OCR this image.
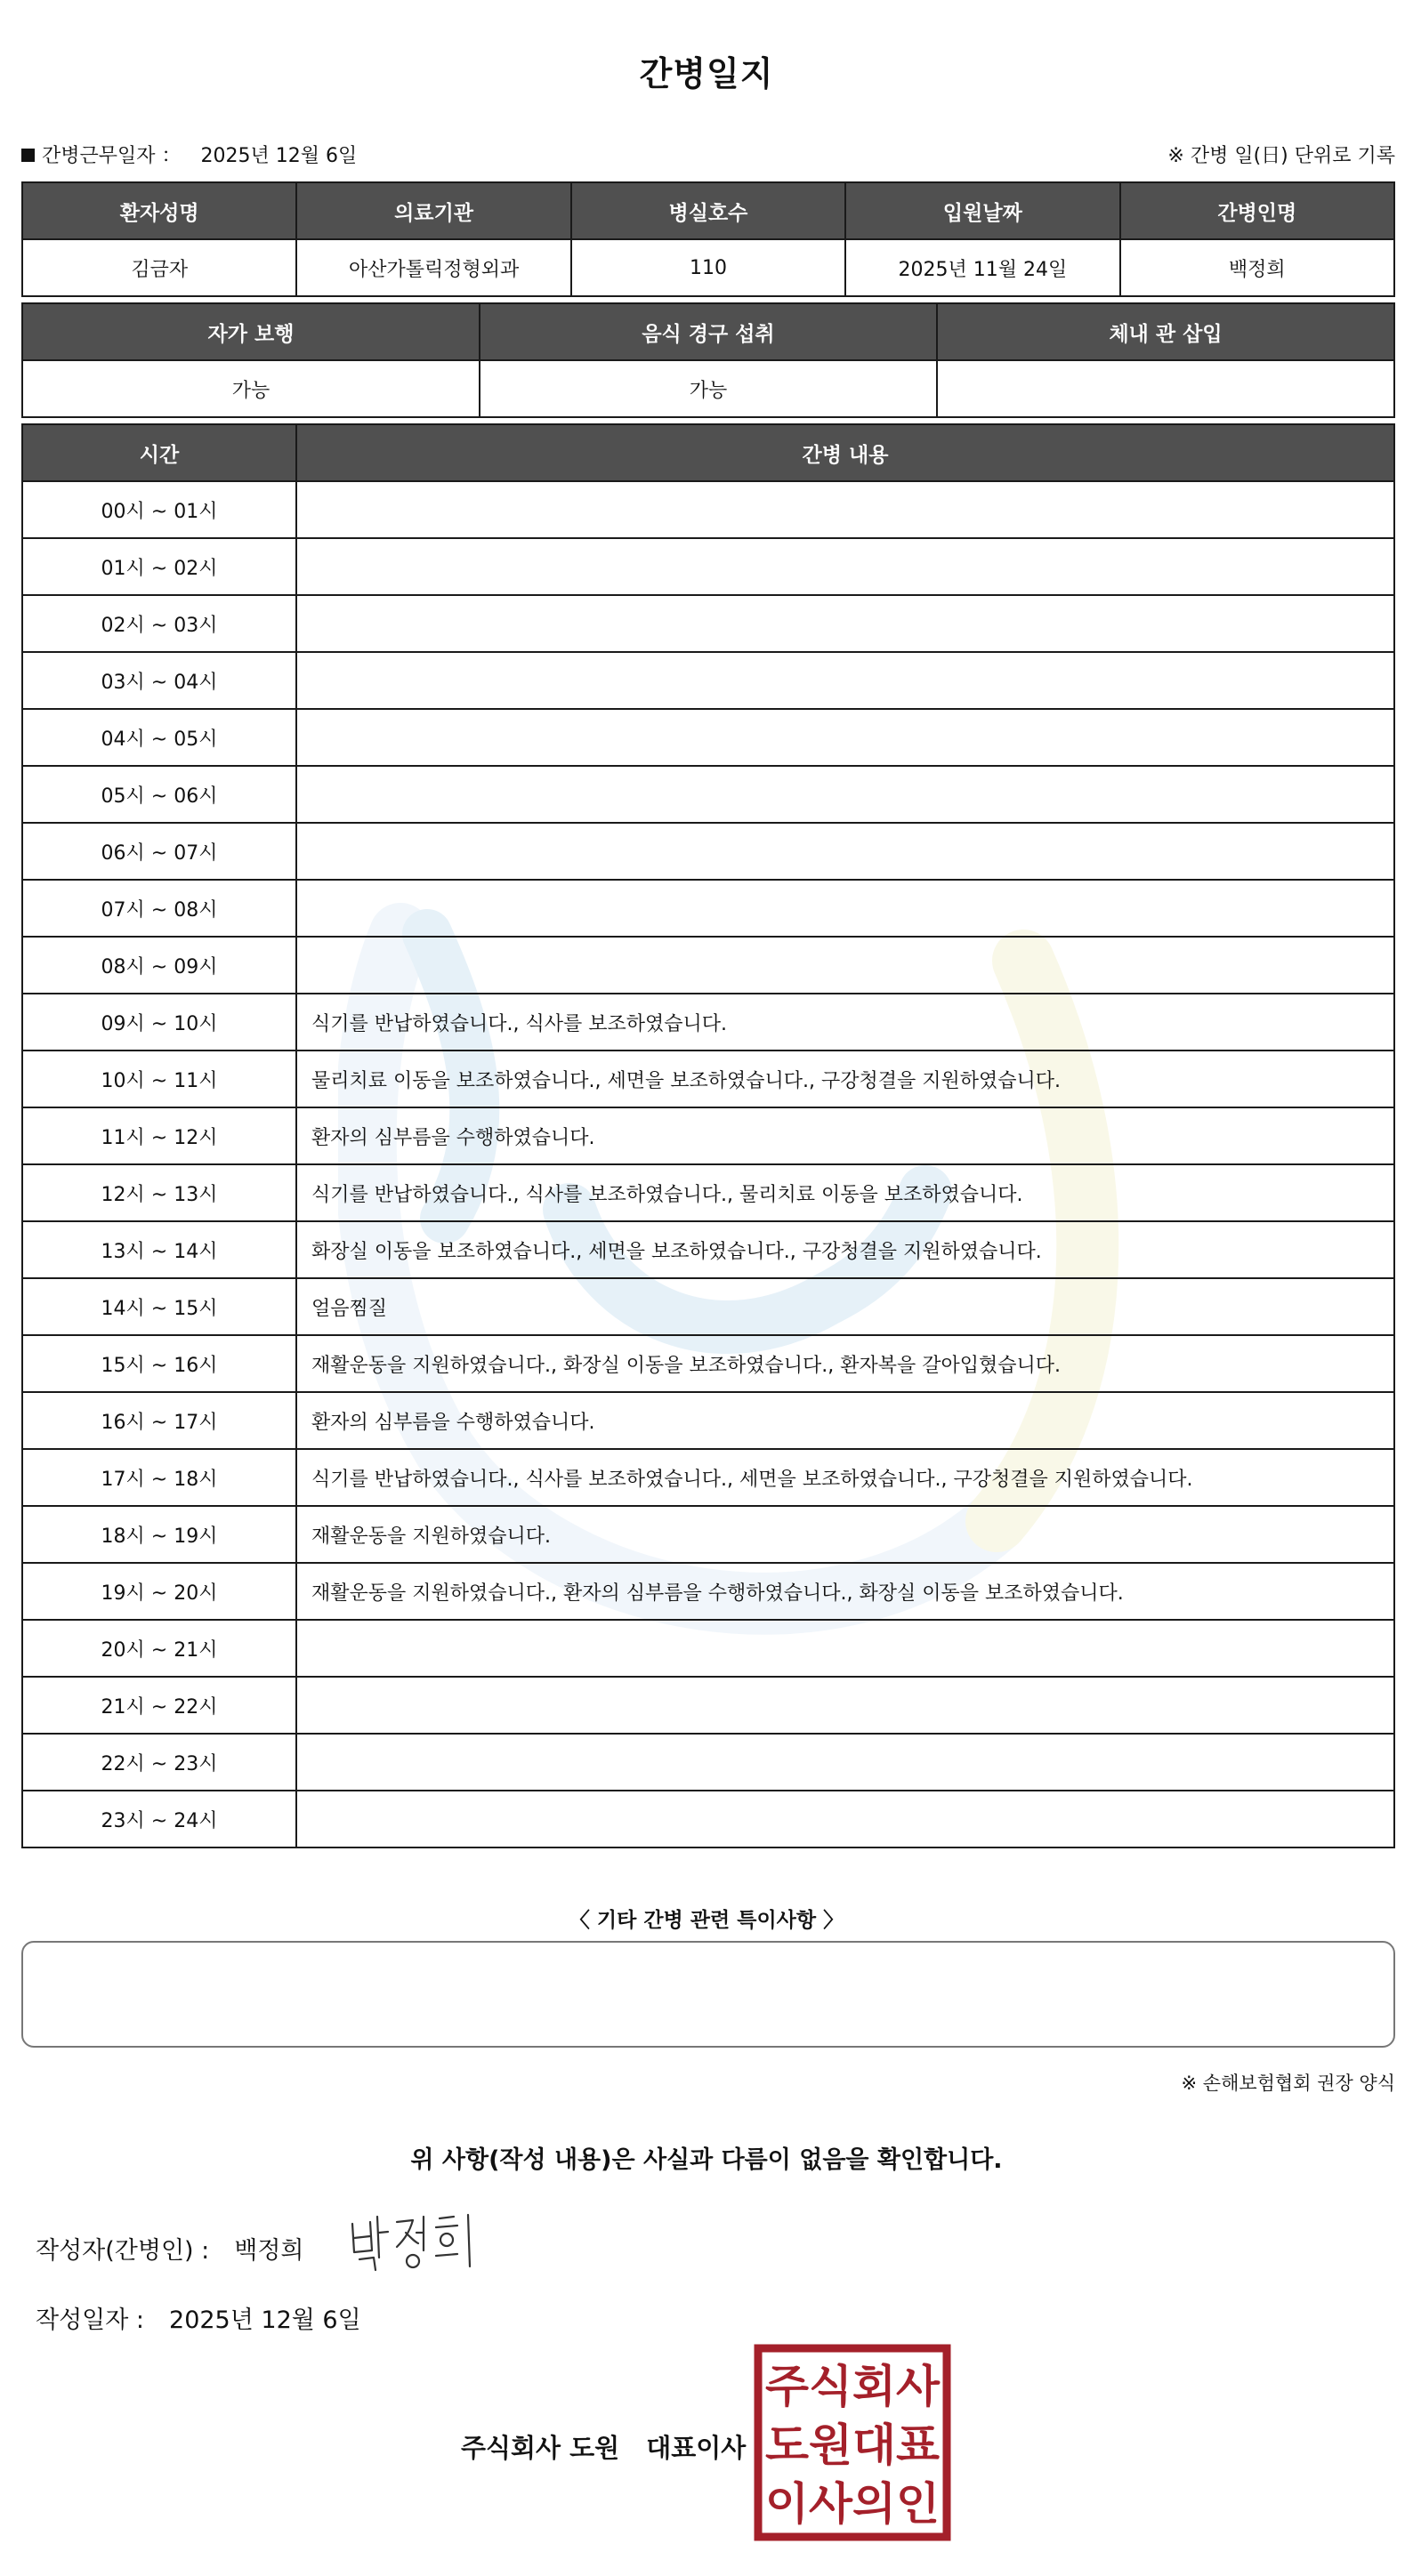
간병일지
간병근무일자 ： 2025년 12월 6일	※ 간병 일(日) 단위로 기록
환자성명	의료기관	병실호수	입원날짜	간병인명
김금자	아산가톨릭정형외과	110	2025년 11월 24일	백정희
자가 보행	음식 경구 섭취	체내 관 삽입
가능	가능	
시간	간병 내용
00시 ~ 01시	
01시 ~ 02시	
02시 ~ 03시	
03시 ~ 04시	
04시 ~ 05시	
05시 ~ 06시	
06시 ~ 07시	
07시 ~ 08시	
08시 ~ 09시	
09시 ~ 10시	식기를 반납하였습니다., 식사를 보조하였습니다.
10시 ~ 11시	물리치료 이동을 보조하였습니다., 세면을 보조하였습니다., 구강청결을 지원하였습니다.
11시 ~ 12시	환자의 심부름을 수행하였습니다.
12시 ~ 13시	식기를 반납하였습니다., 식사를 보조하였습니다., 물리치료 이동을 보조하였습니다.
13시 ~ 14시	화장실 이동을 보조하였습니다., 세면을 보조하였습니다., 구강청결을 지원하였습니다.
14시 ~ 15시	얼음찜질
15시 ~ 16시	재활운동을 지원하였습니다., 화장실 이동을 보조하였습니다., 환자복을 갈아입혔습니다.
16시 ~ 17시	환자의 심부름을 수행하였습니다.
17시 ~ 18시	식기를 반납하였습니다., 식사를 보조하였습니다., 세면을 보조하였습니다., 구강청결을 지원하였습니다.
18시 ~ 19시	재활운동을 지원하였습니다.
19시 ~ 20시	재활운동을 지원하였습니다., 환자의 심부름을 수행하였습니다., 화장실 이동을 보조하였습니다.
20시 ~ 21시	
21시 ~ 22시	
22시 ~ 23시	
23시 ~ 24시	
〈 기타 간병 관련 특이사항 〉
※ 손해보험협회 권장 양식
위 사항(작성 내용)은 사실과 다름이 없음을 확인합니다.
작성자(간병인) : 백정희
작성일자 : 2025년 12월 6일
주식회사 도원 대표이사
주식회사
도원대표
이사의인
